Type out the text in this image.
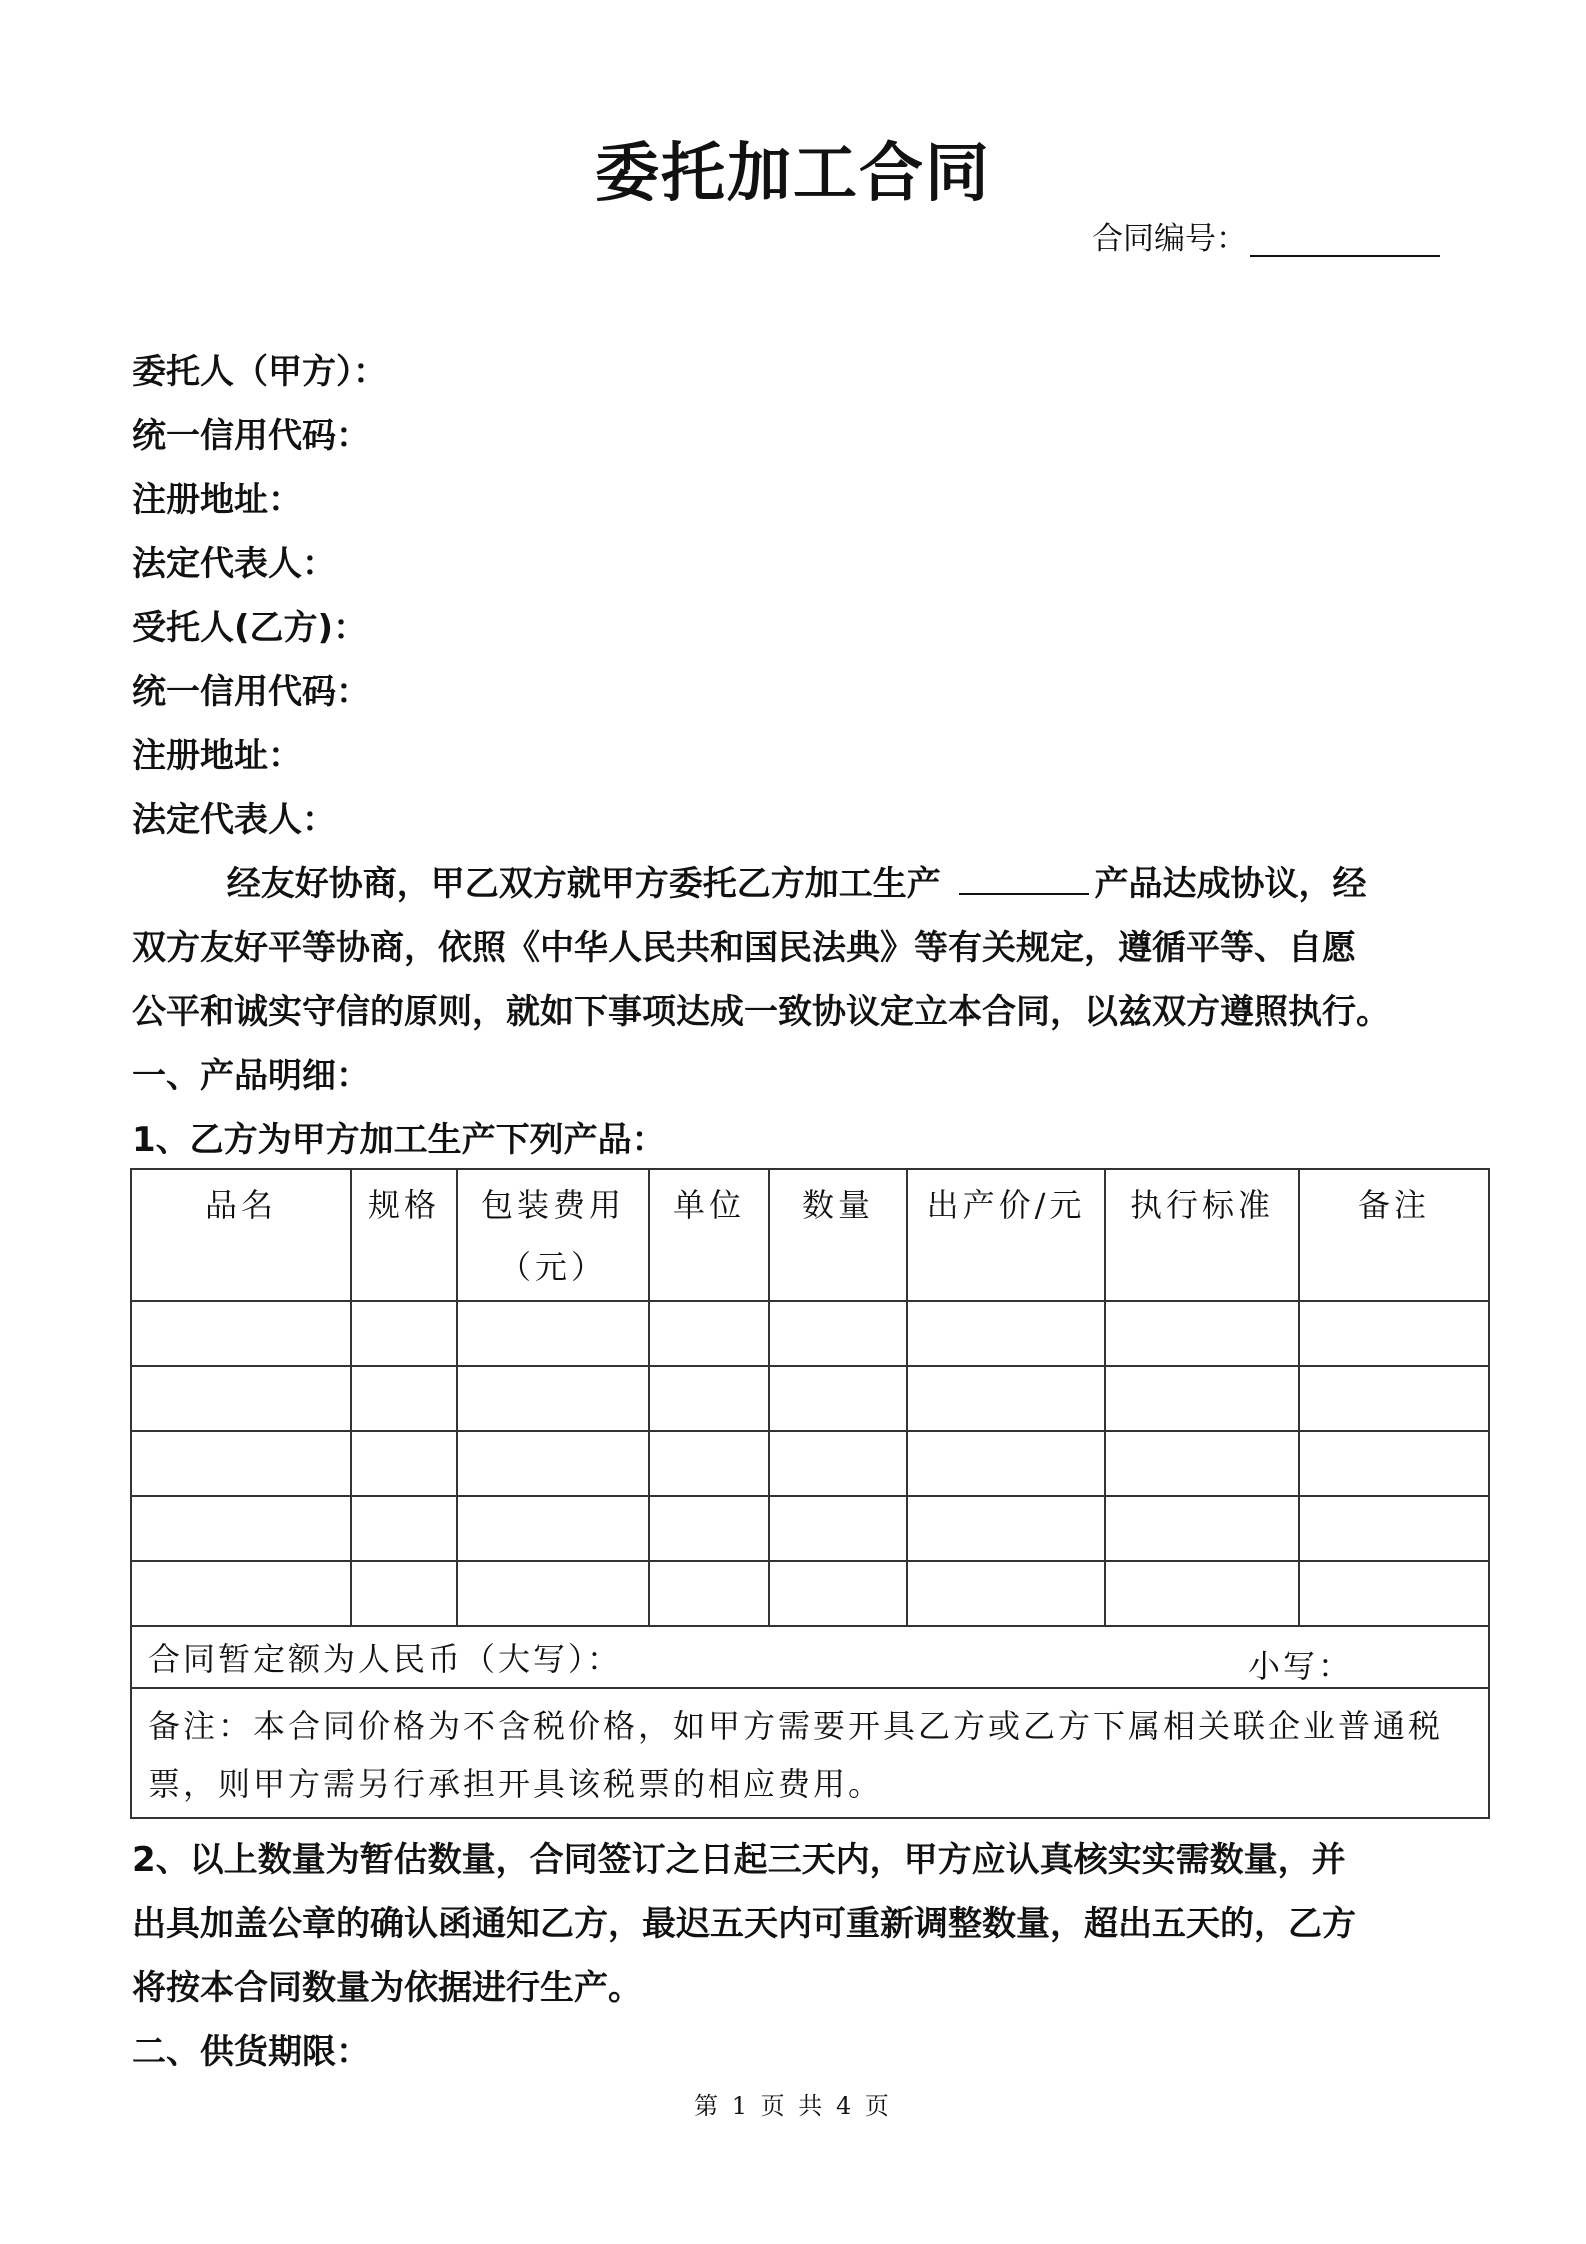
委托加工合同
合同编号：
委托人（甲方）：
统一信用代码：
注册地址：
法定代表人：
受托人(乙方)：
统一信用代码：
注册地址：
法定代表人：
经友好协商，甲乙双方就甲方委托乙方加工生产	产品达成协议，经
双方友好平等协商，依照《中华人民共和国民法典》等有关规定，遵循平等、自愿
公平和诚实守信的原则，就如下事项达成一致协议定立本合同，以兹双方遵照执行。
一、产品明细：
1、乙方为甲方加工生产下列产品：
品名	规格	包装费用（元）	单位	数量	出产价/元	执行标准	备注

合同暂定额为人民币（大写）： 小写：							

备注：本合同价格为不含税价格，如甲方需要开具乙方或乙方下属相关联企业普通税票，则甲方需另行承担开具该税票的相应费用。							
2、以上数量为暂估数量，合同签订之日起三天内，甲方应认真核实实需数量，并
出具加盖公章的确认函通知乙方，最迟五天内可重新调整数量，超出五天的，乙方
将按本合同数量为依据进行生产。
二、供货期限：
第 1 页 共 4 页
